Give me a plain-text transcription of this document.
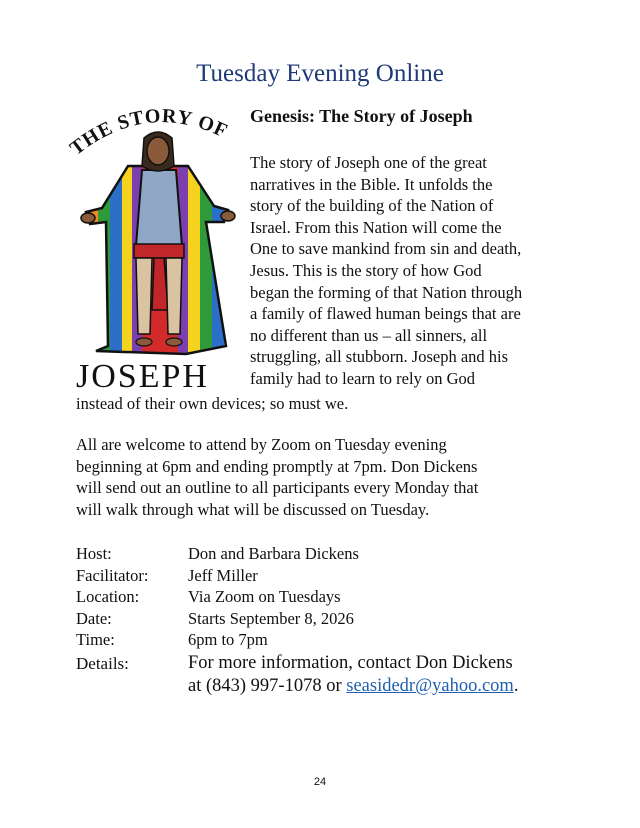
Tuesday Evening Online
THE STORY OF
JOSEPH
Genesis: The Story of Joseph
The story of Joseph one of the great
narratives in the Bible. It unfolds the
story of the building of the Nation of
Israel. From this Nation will come the
One to save mankind from sin and death,
Jesus. This is the story of how God
began the forming of that Nation through
a family of flawed human beings that are
no different than us – all sinners, all
struggling, all stubborn. Joseph and his
family had to learn to rely on God
instead of their own devices; so must we.
All are welcome to attend by Zoom on Tuesday evening
beginning at 6pm and ending promptly at 7pm. Don Dickens
will send out an outline to all participants every Monday that
will walk through what will be discussed on Tuesday.
Host:	Don and Barbara Dickens
Facilitator:	Jeff Miller
Location:	Via Zoom on Tuesdays
Date:	Starts September 8, 2026
Time:	6pm to 7pm
Details:	For more information, contact Don Dickens
at (843) 997-1078 or seasidedr@yahoo.com.
24
